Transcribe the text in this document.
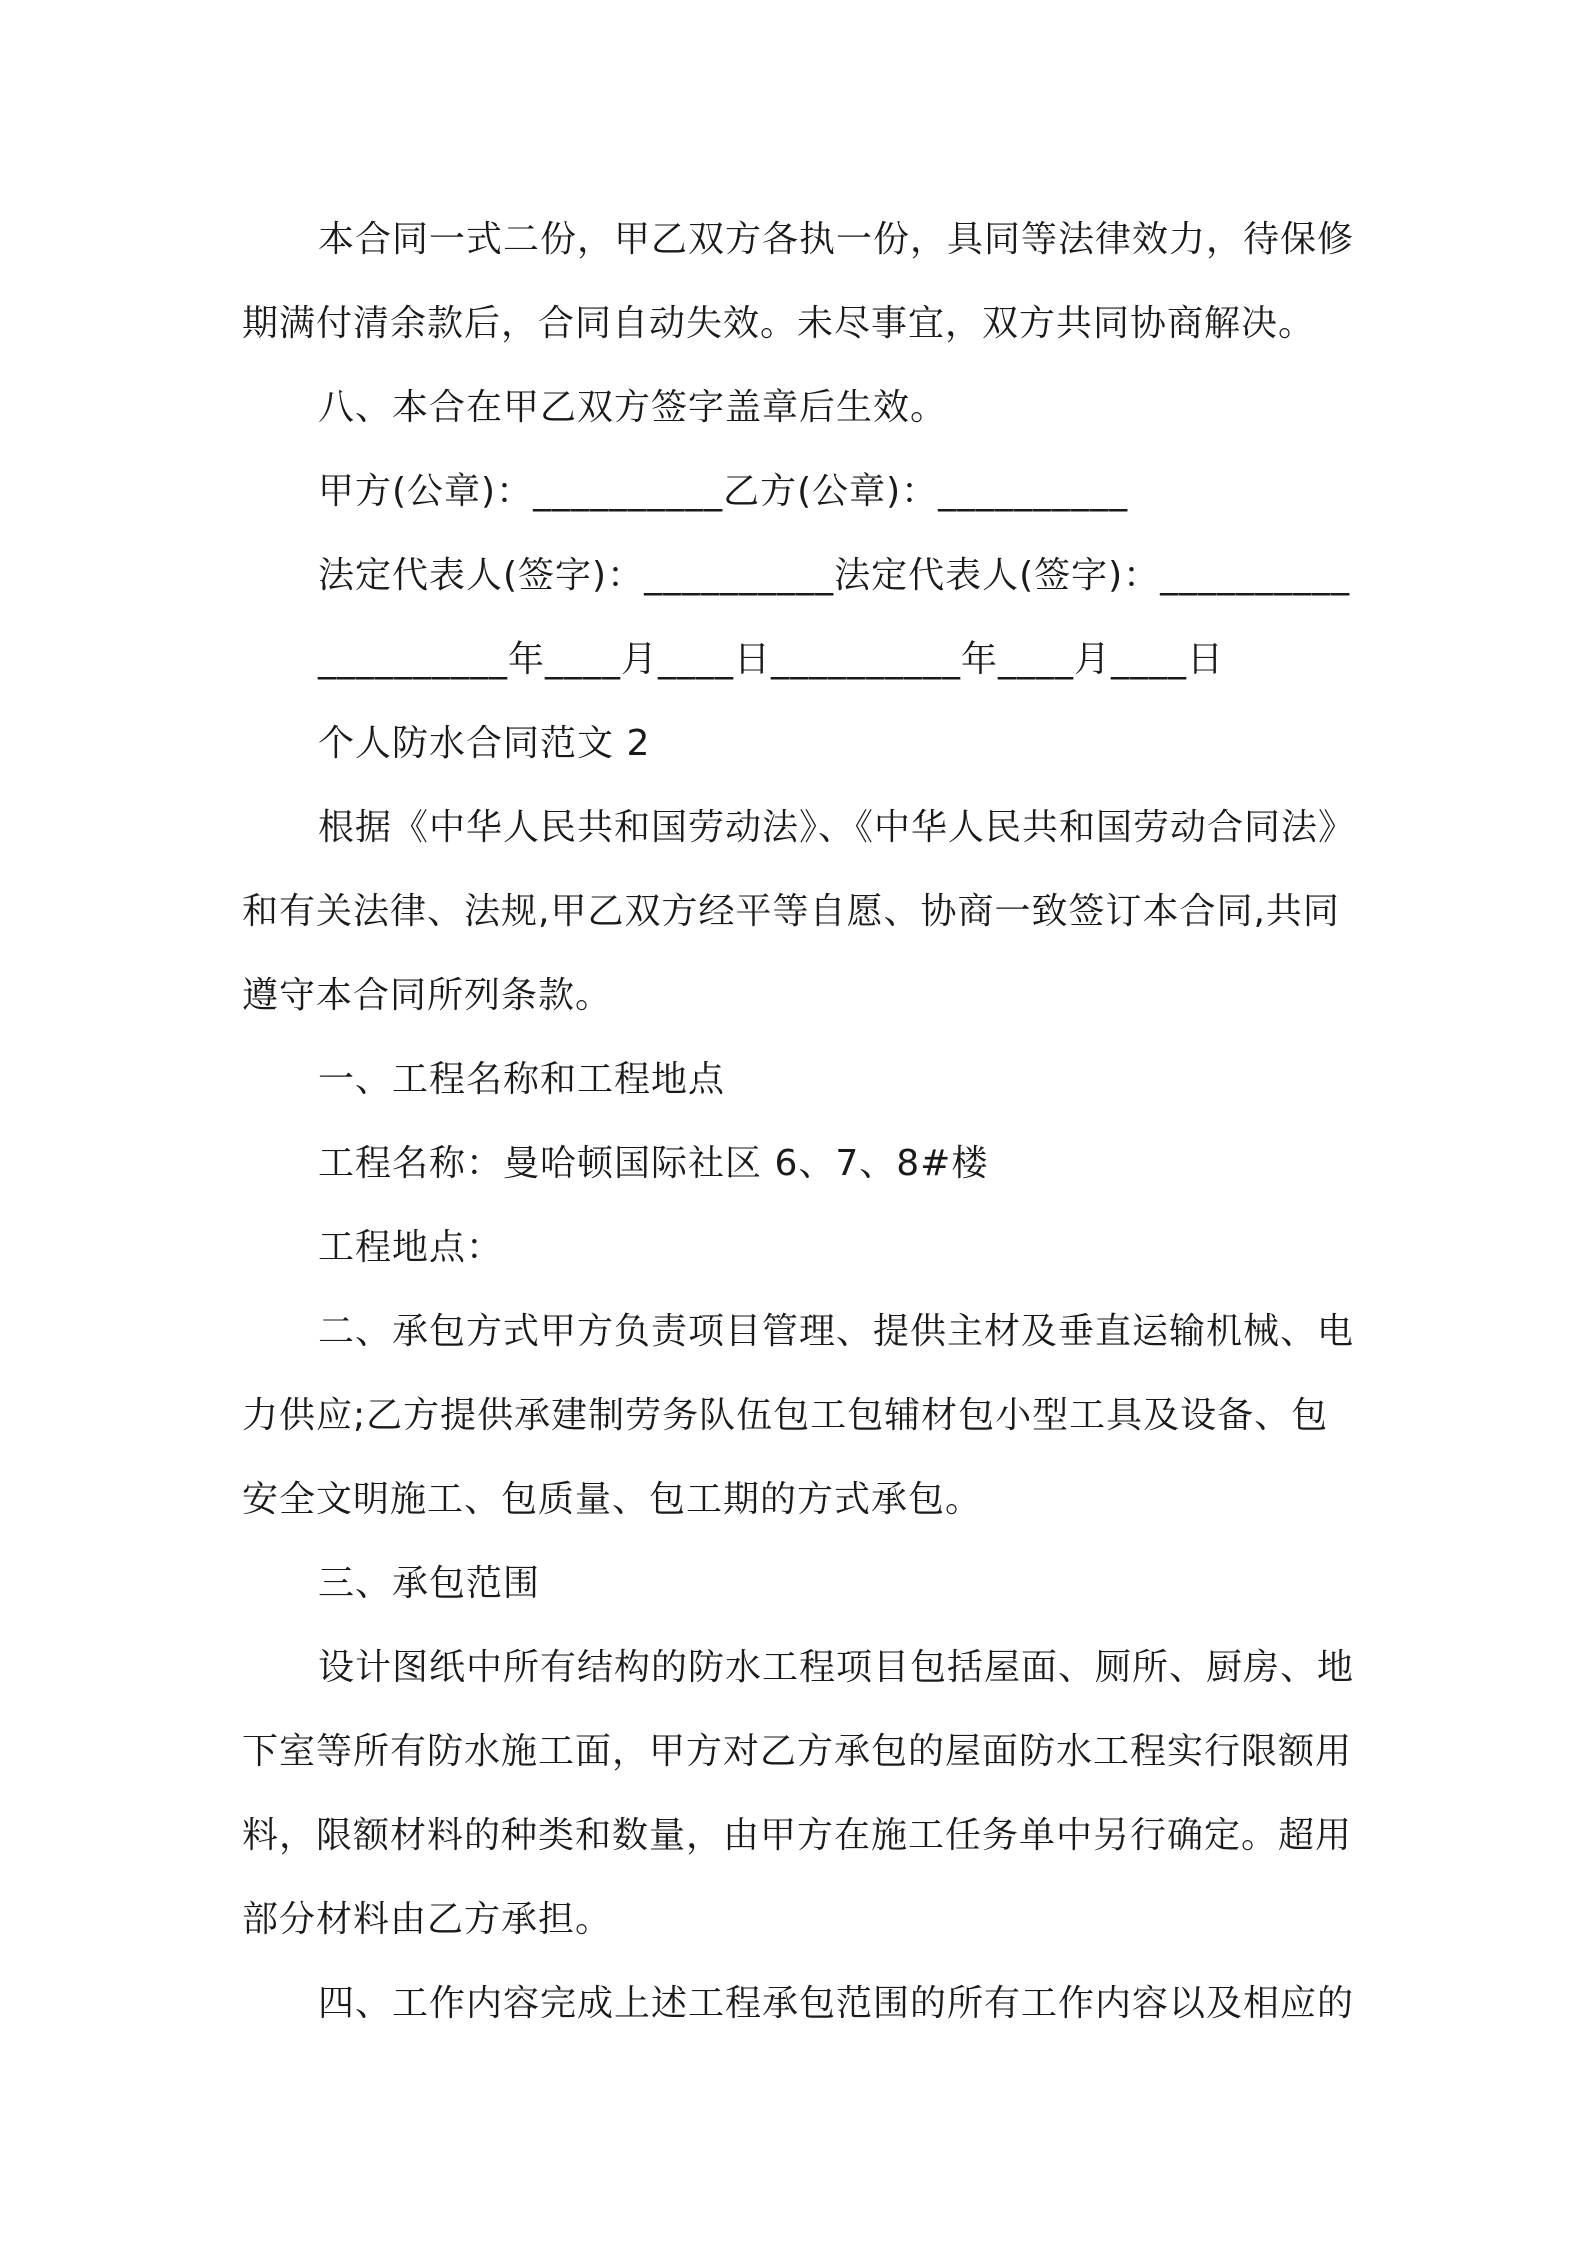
本合同一式二份，甲乙双方各执一份，具同等法律效力，待保修
期满付清余款后，合同自动失效。未尽事宜，双方共同协商解决。
八、本合在甲乙双方签字盖章后生效。
甲方(公章)：__________乙方(公章)：__________
法定代表人(签字)：__________法定代表人(签字)：__________
__________年____月____日__________年____月____日
个人防水合同范文 2
根据《中华人民共和国劳动法》、《中华人民共和国劳动合同法》
和有关法律、法规,甲乙双方经平等自愿、协商一致签订本合同,共同
遵守本合同所列条款。
一、工程名称和工程地点
工程名称：曼哈顿国际社区 6、7、8#楼
工程地点：
二、承包方式甲方负责项目管理、提供主材及垂直运输机械、电
力供应;乙方提供承建制劳务队伍包工包辅材包小型工具及设备、包
安全文明施工、包质量、包工期的方式承包。
三、承包范围
设计图纸中所有结构的防水工程项目包括屋面、厕所、厨房、地
下室等所有防水施工面，甲方对乙方承包的屋面防水工程实行限额用
料，限额材料的种类和数量，由甲方在施工任务单中另行确定。超用
部分材料由乙方承担。
四、工作内容完成上述工程承包范围的所有工作内容以及相应的
